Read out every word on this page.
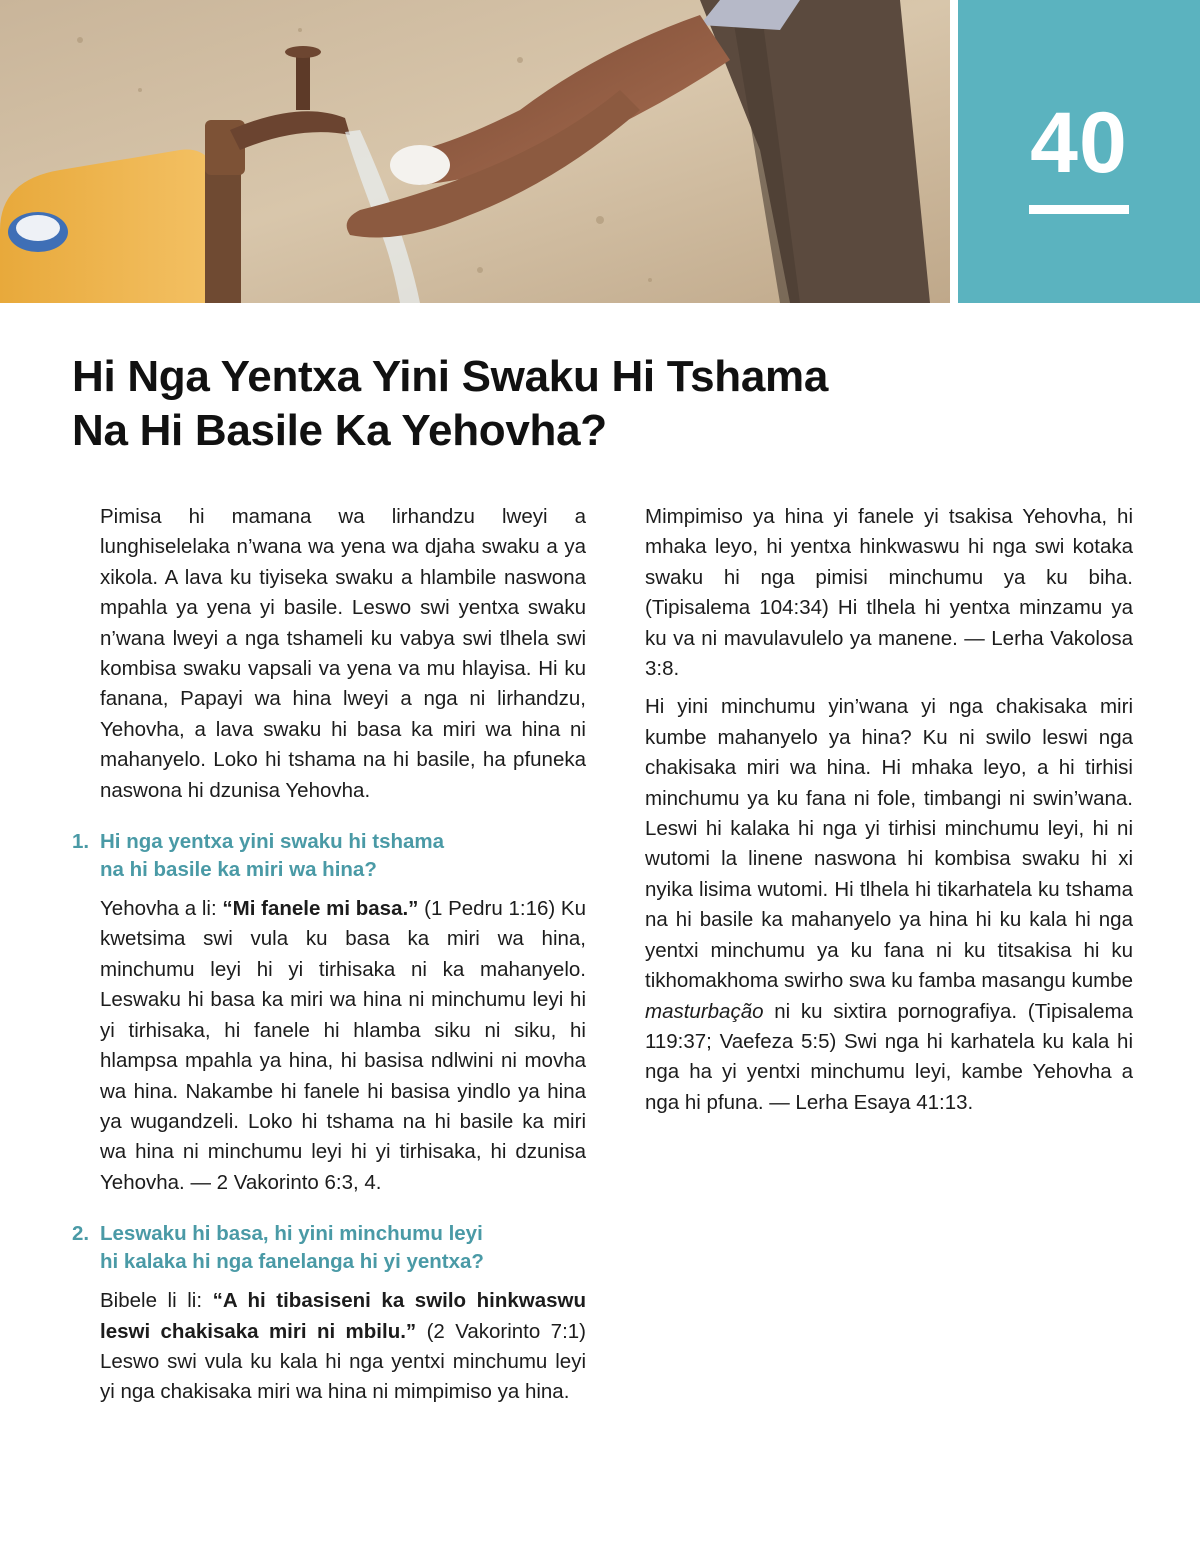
40
Hi Nga Yentxa Yini Swaku Hi Tshama
Na Hi Basile Ka Yehovha?

Pimisa hi mamana wa lirhandzu lweyi a lunghiselelaka n’wana wa yena wa djaha swaku a ya xikola. A lava ku tiyiseka swaku a hlambile naswona mpahla ya yena yi basile. Leswo swi yentxa swaku n’wana lweyi a nga tshameli ku vabya swi tlhela swi kombisa swaku vapsali va yena va mu hlayisa. Hi ku fanana, Papayi wa hina lweyi a nga ni lirhandzu, Yehovha, a lava swaku hi basa ka miri wa hina ni mahanyelo. Loko hi tshama na hi basile, ha pfuneka naswona hi dzunisa Yehovha.

1. Hi nga yentxa yini swaku hi tshama
na hi basile ka miri wa hina?

Yehovha a li: “Mi fanele mi basa.” (1 Pedru 1:16) Ku kwetsima swi vula ku basa ka miri wa hina, minchumu leyi hi yi tirhisaka ni ka mahanyelo. Leswaku hi basa ka miri wa hina ni minchumu leyi hi yi tirhisaka, hi fanele hi hlamba siku ni siku, hi hlampsa mpahla ya hina, hi basisa ndlwini ni movha wa hina. Nakambe hi fanele hi basisa yindlo ya hina ya wugandzeli. Loko hi tshama na hi basile ka miri wa hina ni minchumu leyi hi yi tirhisaka, hi dzunisa Yehovha. — 2 Vakorinto 6:3, 4.

2. Leswaku hi basa, hi yini minchumu leyi
hi kalaka hi nga fanelanga hi yi yentxa?

Bibele li li: “A hi tibasiseni ka swilo hinkwaswu leswi chakisaka miri ni mbilu.” (2 Vakorinto 7:1) Leswo swi vula ku kala hi nga yentxi minchumu leyi yi nga chakisaka miri wa hina ni mimpimiso ya hina.

Mimpimiso ya hina yi fanele yi tsakisa Yehovha, hi mhaka leyo, hi yentxa hinkwaswu hi nga swi kotaka swaku hi nga pimisi minchumu ya ku biha. (Tipisalema 104:34) Hi tlhela hi yentxa minzamu ya ku va ni mavulavulelo ya manene. — Lerha Vakolosa 3:8.

Hi yini minchumu yin’wana yi nga chakisaka miri kumbe mahanyelo ya hina? Ku ni swilo leswi nga chakisaka miri wa hina. Hi mhaka leyo, a hi tirhisi minchumu ya ku fana ni fole, timbangi ni swin’wana. Leswi hi kalaka hi nga yi tirhisi minchumu leyi, hi ni wutomi la linene naswona hi kombisa swaku hi xi nyika lisima wutomi. Hi tlhela hi tikarhatela ku tshama na hi basile ka mahanyelo ya hina hi ku kala hi nga yentxi minchumu ya ku fana ni ku titsakisa hi ku tikhomakhoma swirho swa ku famba masangu kumbe masturbação ni ku sixtira pornografiya. (Tipisalema 119:37; Vaefeza 5:5) Swi nga hi karhatela ku kala hi nga ha yi yentxi minchumu leyi, kambe Yehovha a nga hi pfuna. — Lerha Esaya 41:13.
